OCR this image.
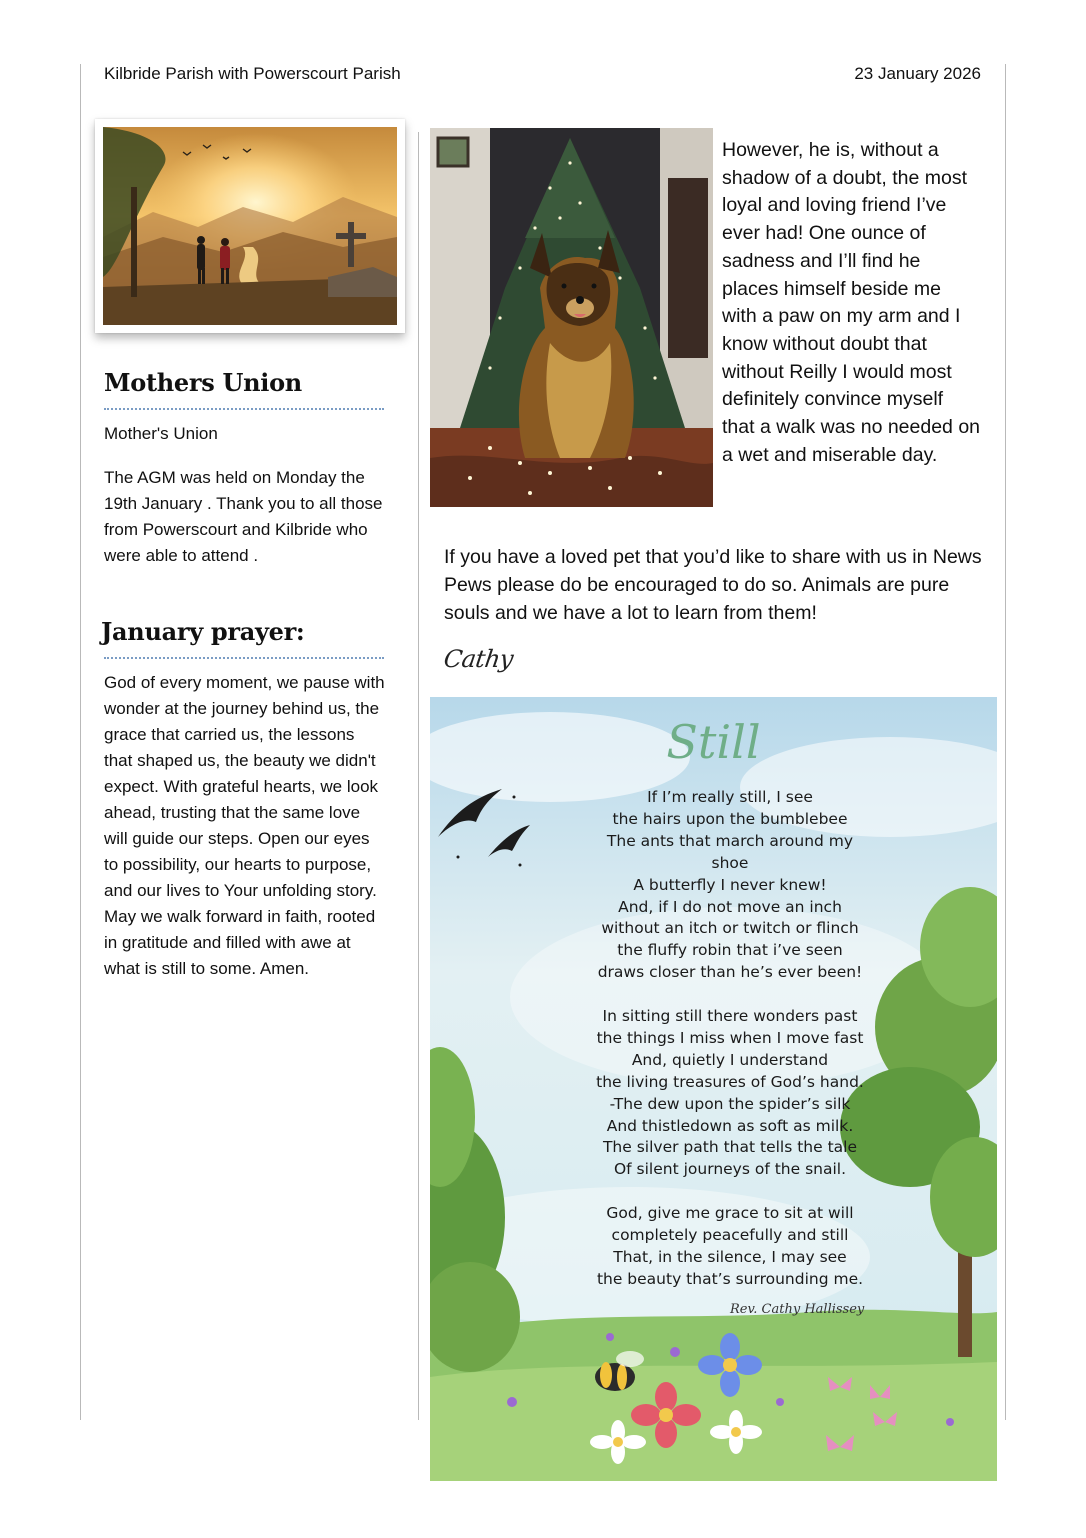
Kilbride Parish with Powerscourt Parish	23 January 2026
Mothers Union
Mother's Union
The AGM was held on Monday the 19th January . Thank you to all those from Powerscourt and Kilbride who were able to attend .
January prayer:
God of every moment, we pause with wonder at the journey behind us, the grace that carried us, the lessons that shaped us, the beauty we didn't expect. With grateful hearts, we look ahead, trusting that the same love will guide our steps. Open our eyes to possibility, our hearts to purpose, and our lives to Your unfolding story. May we walk forward in faith, rooted in gratitude and filled with awe at what is still to some. Amen.
However, he is, without a shadow of a doubt, the most loyal and loving friend I’ve ever had! One ounce of sadness and I’ll find he places himself beside me with a paw on my arm and I know without doubt that without Reilly I would most definitely convince myself that a walk was no needed on a wet and miserable day.
If you have a loved pet that you’d like to share with us in News Pews please do be encouraged to do so. Animals are pure souls and we have a lot to learn from them!
Cathy
Still
If I’m really still, I see
the hairs upon the bumblebee
The ants that march around my
shoe
A butterfly I never knew!
And, if I do not move an inch
without an itch or twitch or flinch
the fluffy robin that i’ve seen
draws closer than he’s ever been!
In sitting still there wonders past
the things I miss when I move fast
And, quietly I understand
the living treasures of God’s hand.
-The dew upon the spider’s silk
And thistledown as soft as milk.
The silver path that tells the tale
Of silent journeys of the snail.
God, give me grace to sit at will
completely peacefully and still
That, in the silence, I may see
the beauty that’s surrounding me.
Rev. Cathy Hallissey
